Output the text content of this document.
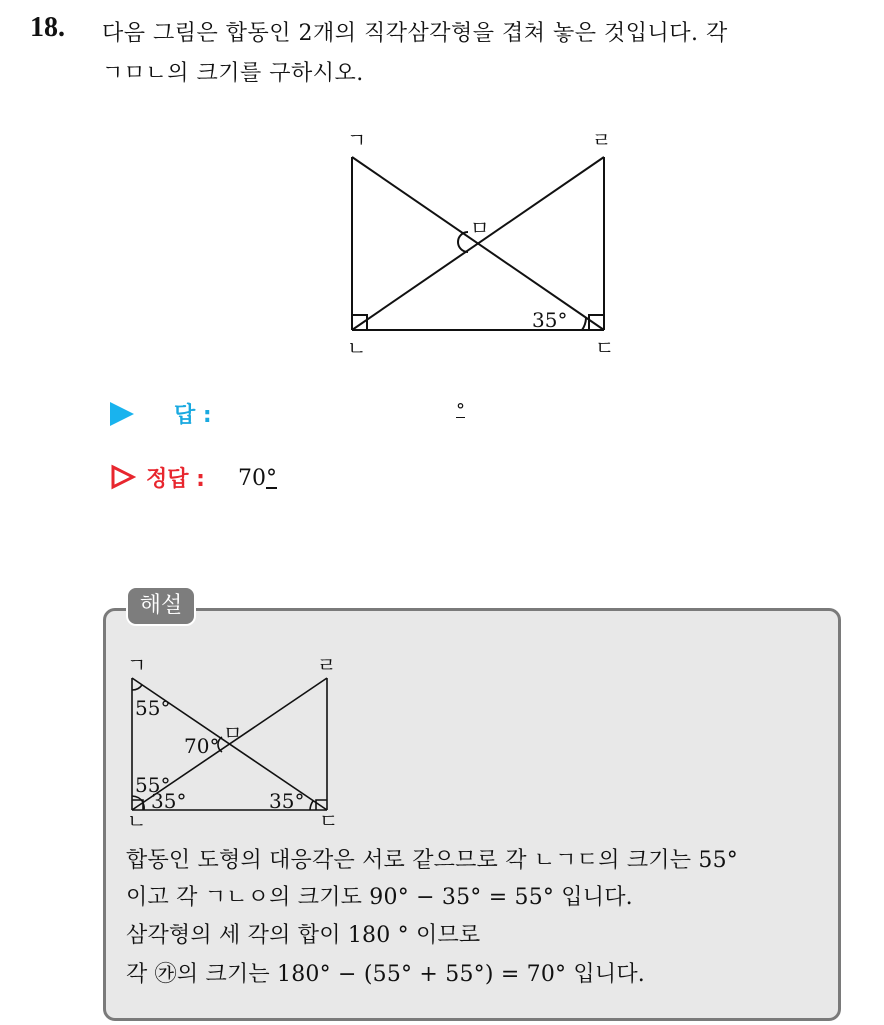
18. 다음 그림은 합동인 2개의 직각삼각형을 겹쳐 놓은 것입니다. 각
ㄱㅁㄴ의 크기를 구하시오.
ㄱ	ㄹ
ㄴ	ㄷ
ㅁ
35°
답 :	°
정답 : 70°
해설
ㄱ	ㄹ
ㄴ	ㄷ
ㅁ
55°
70°
55°
35°	35°
합동인 도형의 대응각은 서로 같으므로 각 ㄴㄱㄷ의 크기는 55°
이고 각 ㄱㄴㅇ의 크기도 90° − 35° = 55° 입니다.
삼각형의 세 각의 합이 180 ° 이므로
각 ㉮의 크기는 180° − (55° + 55°) = 70° 입니다.
